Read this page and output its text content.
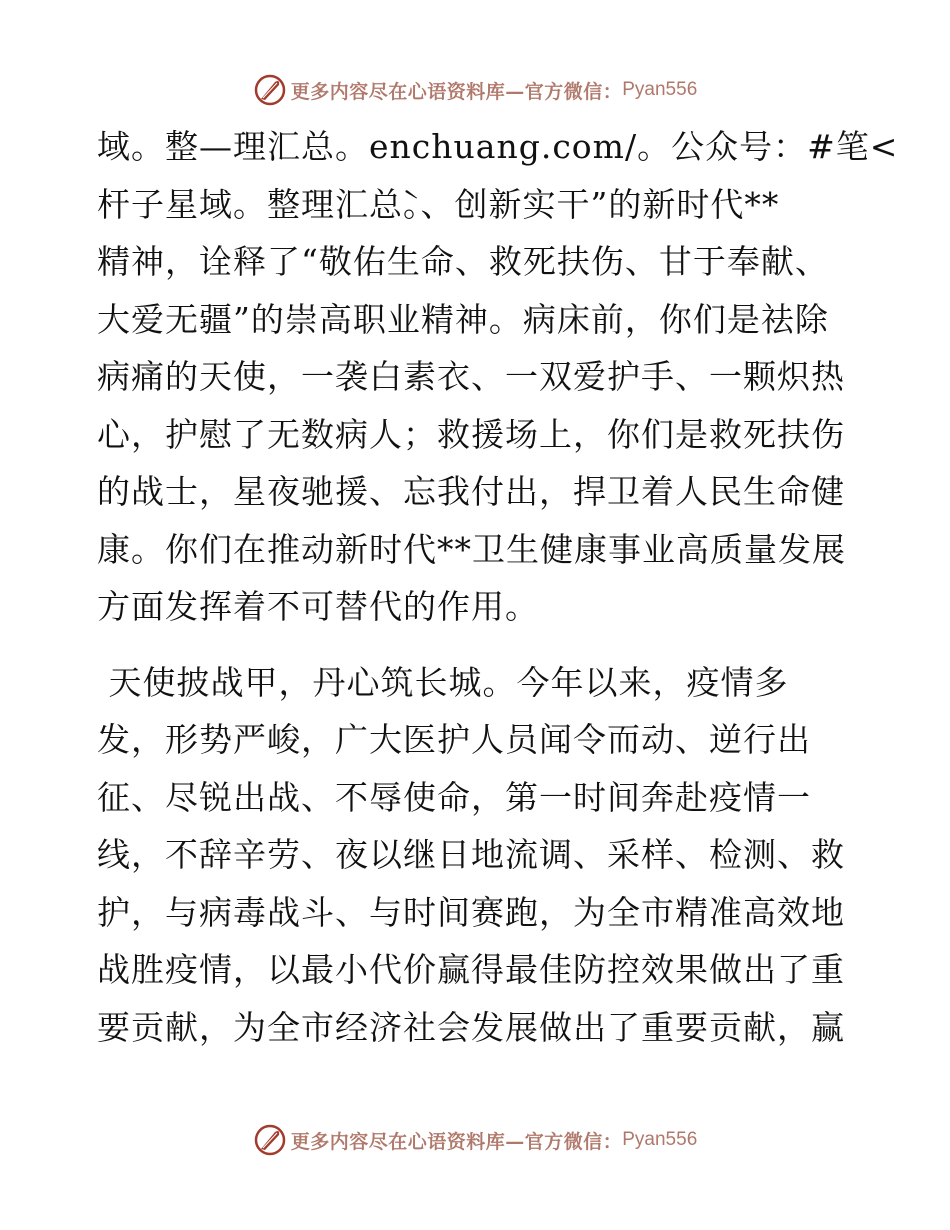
更多内容尽在心语资料库—官方微信： Pyan556
域。整—理汇总。enchuang.com/。公众号：#笔<
杆子星域。整理汇总̀。、创新实干”的新时代**
精神，诠释了“敬佑生命、救死扶伤、甘于奉献、
大爱无疆”的崇高职业精神。病床前，你们是祛除
病痛的天使，一袭白素衣、一双爱护手、一颗炽热
心，护慰了无数病人；救援场上，你们是救死扶伤
的战士，星夜驰援、忘我付出，捍卫着人民生命健
康。你们在推动新时代**卫生健康事业高质量发展
方面发挥着不可替代的作用。
天使披战甲，丹心筑长城。今年以来，疫情多
发，形势严峻，广大医护人员闻令而动、逆行出
征、尽锐出战、不辱使命，第一时间奔赴疫情一
线，不辞辛劳、夜以继日地流调、采样、检测、救
护，与病毒战斗、与时间赛跑，为全市精准高效地
战胜疫情，以最小代价赢得最佳防控效果做出了重
要贡献，为全市经济社会发展做出了重要贡献，赢
更多内容尽在心语资料库—官方微信： Pyan556
